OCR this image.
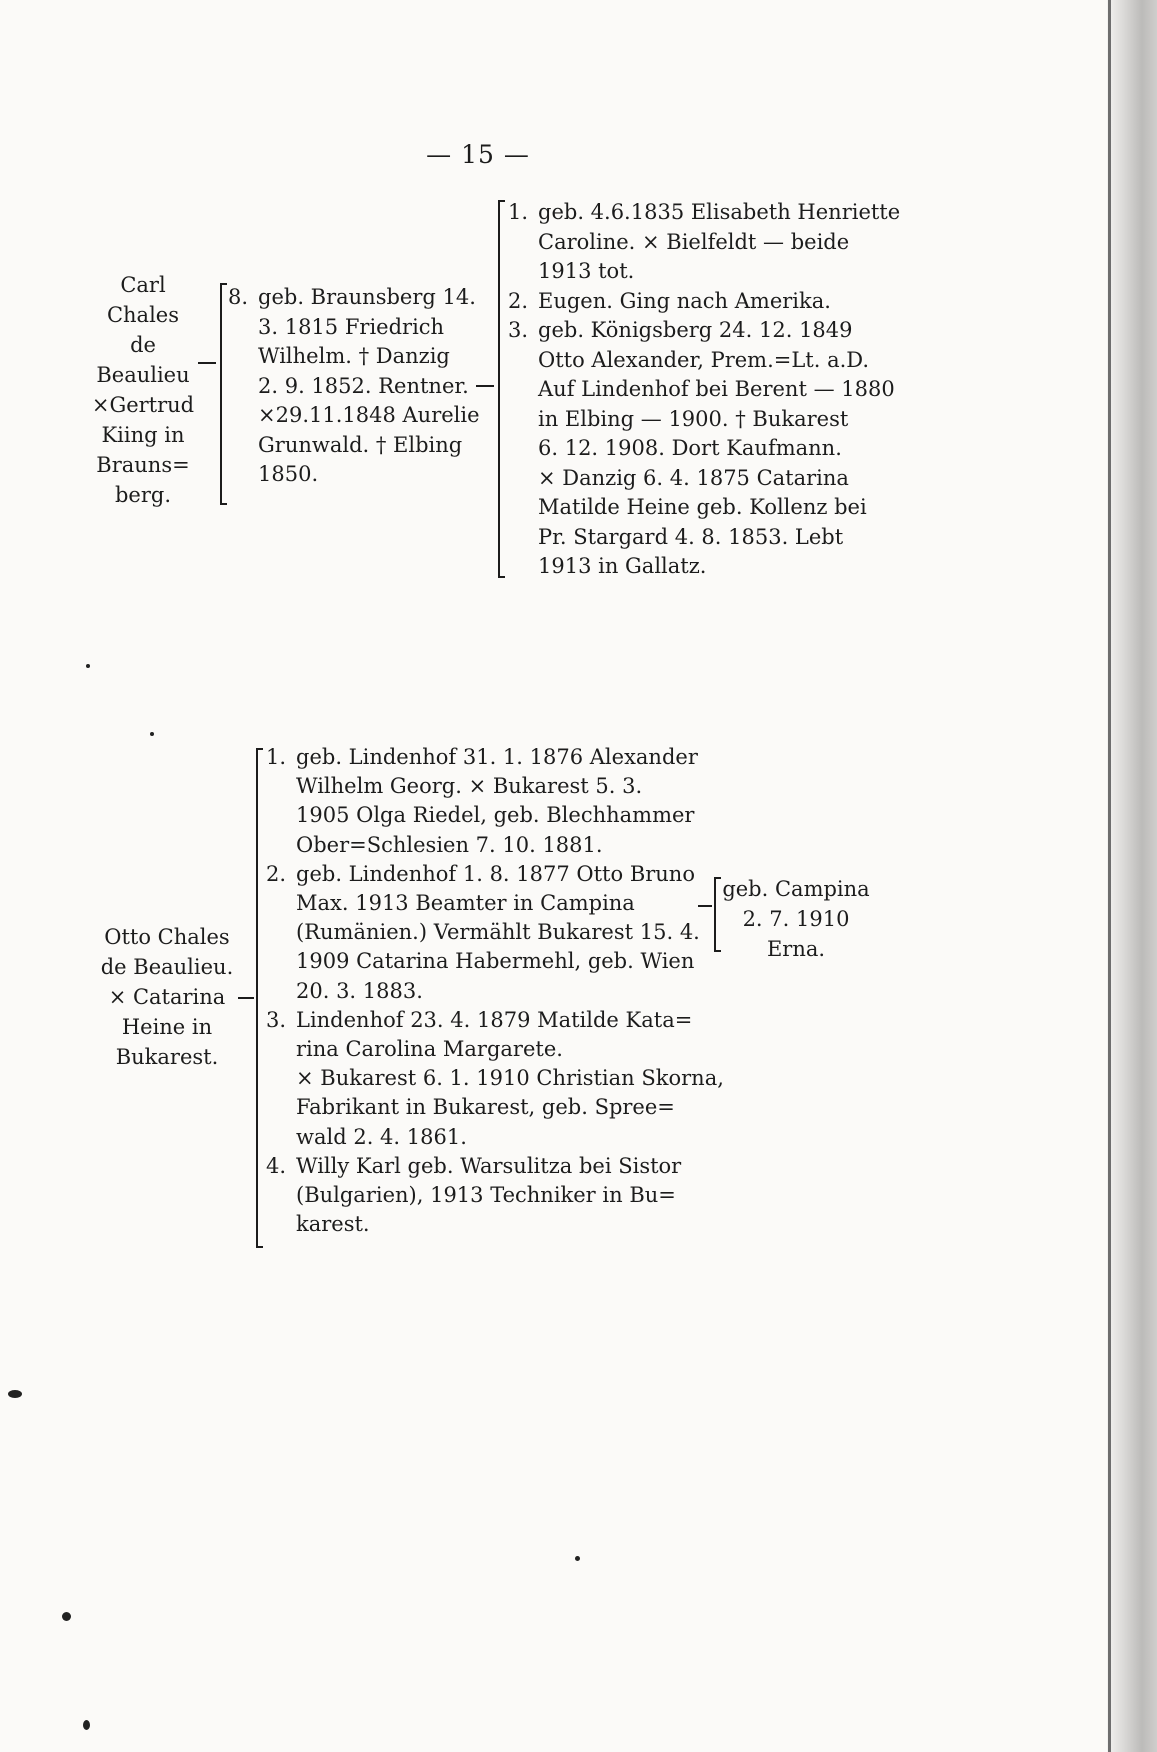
— 15 —
Carl
Chales
de
Beaulieu
×Gertrud
Kiing in
Brauns=
berg.
8. geb. Braunsberg 14.
3. 1815 Friedrich
Wilhelm. † Danzig
2. 9. 1852. Rentner.
×29.11.1848 Aurelie
Grunwald. † Elbing
1850.
1. geb. 4.6.1835 Elisabeth Henriette
Caroline. × Bielfeldt — beide
1913 tot.
2. Eugen. Ging nach Amerika.
3. geb. Königsberg 24. 12. 1849
Otto Alexander, Prem.=Lt. a.D.
Auf Lindenhof bei Berent — 1880
in Elbing — 1900. † Bukarest
6. 12. 1908. Dort Kaufmann.
× Danzig 6. 4. 1875 Catarina
Matilde Heine geb. Kollenz bei
Pr. Stargard 4. 8. 1853. Lebt
1913 in Gallatz.
Otto Chales
de Beaulieu.
× Catarina
Heine in
Bukarest.
1. geb. Lindenhof 31. 1. 1876 Alexander
Wilhelm Georg. × Bukarest 5. 3.
1905 Olga Riedel, geb. Blechhammer
Ober=Schlesien 7. 10. 1881.
2. geb. Lindenhof 1. 8. 1877 Otto Bruno
Max. 1913 Beamter in Campina
(Rumänien.) Vermählt Bukarest 15. 4.
1909 Catarina Habermehl, geb. Wien
20. 3. 1883.
3. Lindenhof 23. 4. 1879 Matilde Kata=
rina Carolina Margarete.
× Bukarest 6. 1. 1910 Christian Skorna,
Fabrikant in Bukarest, geb. Spree=
wald 2. 4. 1861.
4. Willy Karl geb. Warsulitza bei Sistor
(Bulgarien), 1913 Techniker in Bu=
karest.
geb. Campina
2. 7. 1910
Erna.
